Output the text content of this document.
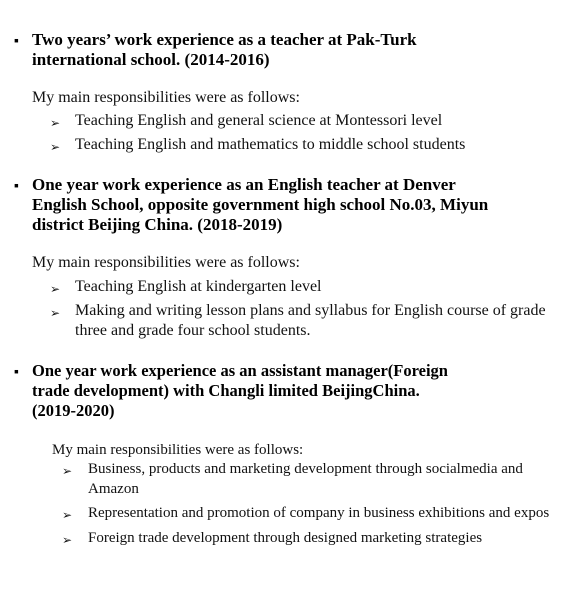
▪ Two years’ work experience as a teacher at Pak-Turk
international school. (2014-2016)
My main responsibilities were as follows:
➢ Teaching English and general science at Montessori level
➢ Teaching English and mathematics to middle school students
▪ One year work experience as an English teacher at Denver
English School, opposite government high school No.03, Miyun
district Beijing China. (2018-2019)
My main responsibilities were as follows:
➢ Teaching English at kindergarten level
➢ Making and writing lesson plans and syllabus for English course of grade three and grade four school students.
▪ One year work experience as an assistant manager(Foreign
trade development) with Changli limited BeijingChina.
(2019-2020)
My main responsibilities were as follows:
➢ Business, products and marketing development through socialmedia and Amazon
➢ Representation and promotion of company in business exhibitions and expos
➢ Foreign trade development through designed marketing strategies
